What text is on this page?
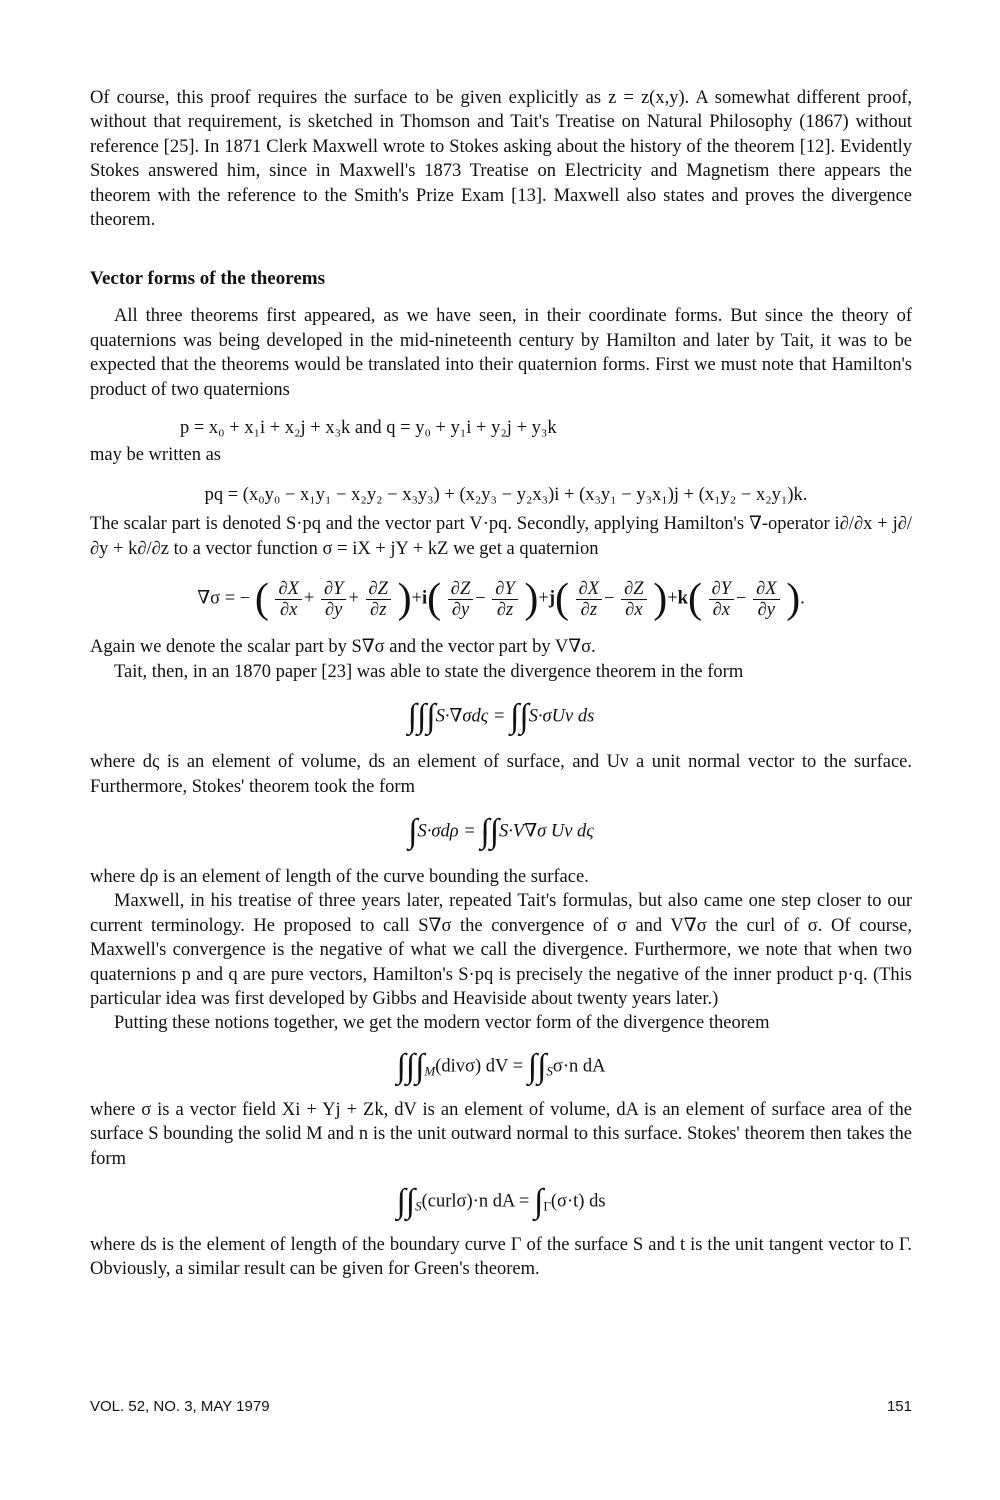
Of course, this proof requires the surface to be given explicitly as z = z(x,y). A somewhat different proof, without that requirement, is sketched in Thomson and Tait's Treatise on Natural Philosophy (1867) without reference [25]. In 1871 Clerk Maxwell wrote to Stokes asking about the history of the theorem [12]. Evidently Stokes answered him, since in Maxwell's 1873 Treatise on Electricity and Magnetism there appears the theorem with the reference to the Smith's Prize Exam [13]. Maxwell also states and proves the divergence theorem.

Vector forms of the theorems

All three theorems first appeared, as we have seen, in their coordinate forms. But since the theory of quaternions was being developed in the mid-nineteenth century by Hamilton and later by Tait, it was to be expected that the theorems would be translated into their quaternion forms. First we must note that Hamilton's product of two quaternions

p = x₀ + x₁i + x₂j + x₃k and q = y₀ + y₁i + y₂j + y₃k

may be written as

pq = (x₀y₀ − x₁y₁ − x₂y₂ − x₃y₃) + (x₂y₃ − y₂x₃)i + (x₃y₁ − y₃x₁)j + (x₁y₂ − x₂y₁)k.

The scalar part is denoted S·pq and the vector part V·pq. Secondly, applying Hamilton's ∇-operator i∂/∂x + j∂/∂y + k∂/∂z to a vector function σ = iX + jY + kZ we get a quaternion

∇σ = − ( $\frac{\partial X}{\partial x} + \frac{\partial Y}{\partial y} + \frac{\partial Z}{\partial z} )+i( \frac{\partial Z}{\partial y} - \frac{\partial Y}{\partial z} )+j( \frac{\partial X}{\partial z} - \frac{\partial Z}{\partial x} )+k( \frac{\partial Y}{\partial x} - \frac{\partial X}{\partial y}$ ).

Again we denote the scalar part by S∇σ and the vector part by V∇σ.

Tait, then, in an 1870 paper [23] was able to state the divergence theorem in the form

∫∫∫S·∇σdς = ∫∫S·σUν ds

where dς is an element of volume, ds an element of surface, and Uν a unit normal vector to the surface. Furthermore, Stokes' theorem took the form

∫S·σdρ = ∫∫S·V∇σ Uν dς

where dρ is an element of length of the curve bounding the surface.

Maxwell, in his treatise of three years later, repeated Tait's formulas, but also came one step closer to our current terminology. He proposed to call S∇σ the convergence of σ and V∇σ the curl of σ. Of course, Maxwell's convergence is the negative of what we call the divergence. Furthermore, we note that when two quaternions p and q are pure vectors, Hamilton's S·pq is precisely the negative of the inner product p·q. (This particular idea was first developed by Gibbs and Heaviside about twenty years later.)

Putting these notions together, we get the modern vector form of the divergence theorem

$\int\int\int_M(div\sigma)$ dV = $\int\int_S\sigma\cdot n$ dA

where σ is a vector field Xi + Yj + Zk, dV is an element of volume, dA is an element of surface area of the surface S bounding the solid M and n is the unit outward normal to this surface. Stokes' theorem then takes the form

$\int\int_S(curl\sigma)\cdot n$ dA = $\int_\Gamma(\sigma\cdot t)$ ds

where ds is the element of length of the boundary curve Γ of the surface S and t is the unit tangent vector to Γ. Obviously, a similar result can be given for Green's theorem.

VOL. 52, NO. 3, MAY 1979	151
